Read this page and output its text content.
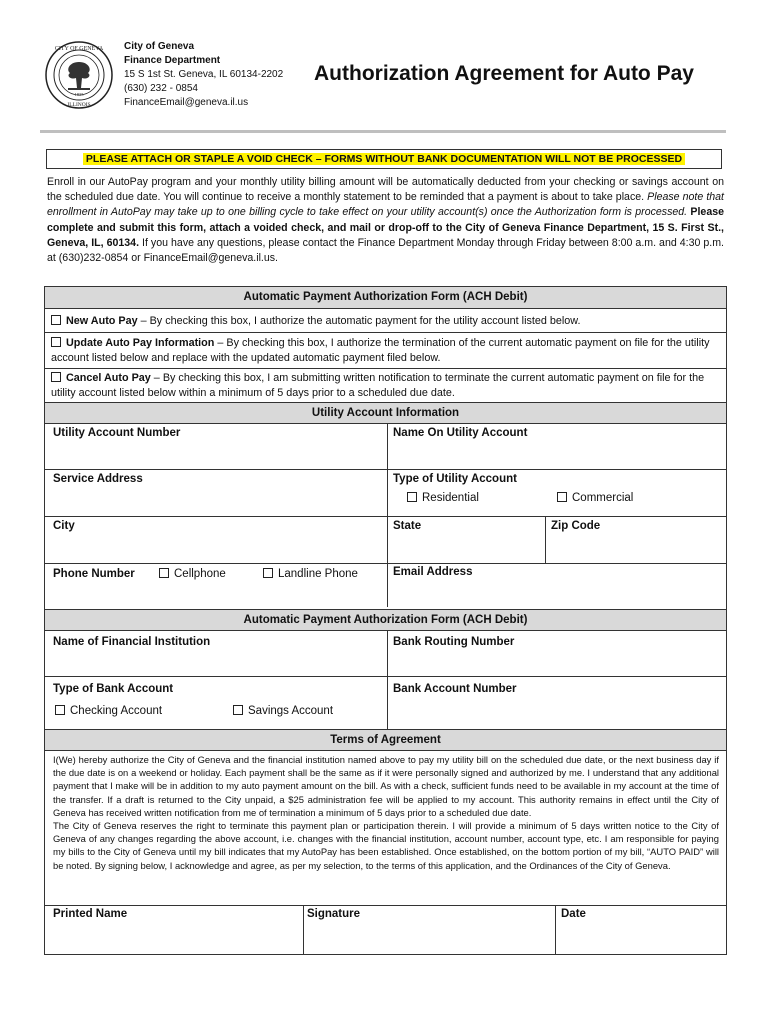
CITY OF GENEVA
ILLINOIS
1835
City of Geneva
Finance Department
15 S 1st St. Geneva, IL 60134-2202
(630) 232 - 0854
FinanceEmail@geneva.il.us
Authorization Agreement for Auto Pay
PLEASE ATTACH OR STAPLE A VOID CHECK – FORMS WITHOUT BANK DOCUMENTATION WILL NOT BE PROCESSED
Enroll in our AutoPay program and your monthly utility billing amount will be automatically deducted from your checking or savings account on the scheduled due date. You will continue to receive a monthly statement to be reminded that a payment is about to take place. Please note that enrollment in AutoPay may take up to one billing cycle to take effect on your utility account(s) once the Authorization form is processed. Please complete and submit this form, attach a voided check, and mail or drop-off to the City of Geneva Finance Department, 15 S. First St., Geneva, IL, 60134. If you have any questions, please contact the Finance Department Monday through Friday between 8:00 a.m. and 4:30 p.m. at (630)232-0854 or FinanceEmail@geneva.il.us.
Automatic Payment Authorization Form (ACH Debit)
New Auto Pay – By checking this box, I authorize the automatic payment for the utility account listed below.
Update Auto Pay Information – By checking this box, I authorize the termination of the current automatic payment on file for the utility account listed below and replace with the updated automatic payment filed below.
Cancel Auto Pay – By checking this box, I am submitting written notification to terminate the current automatic payment on file for the utility account listed below within a minimum of 5 days prior to a scheduled due date.
Utility Account Information
Utility Account Number	Name On Utility Account
Service Address	Type of Utility Account
Residential	Commercial
City	State	Zip Code
Phone Number	Cellphone	Landline Phone	Email Address
Automatic Payment Authorization Form (ACH Debit)
Name of Financial Institution	Bank Routing Number
Type of Bank Account
Checking Account	Savings Account
Bank Account Number
Terms of Agreement
I(We) hereby authorize the City of Geneva and the financial institution named above to pay my utility bill on the scheduled due date, or the next business day if the due date is on a weekend or holiday. Each payment shall be the same as if it were personally signed and authorized by me. I understand that any additional payment that I make will be in addition to my auto payment amount on the bill. As with a check, sufficient funds need to be available in my account at the time of the transfer. If a draft is returned to the City unpaid, a $25 administration fee will be applied to my account. This authority remains in effect until the City of Geneva has received written notification from me of termination a minimum of 5 days prior to a scheduled due date.
The City of Geneva reserves the right to terminate this payment plan or participation therein. I will provide a minimum of 5 days written notice to the City of Geneva of any changes regarding the above account, i.e. changes with the financial institution, account number, account type, etc. I am responsible for paying my bills to the City of Geneva until my bill indicates that my AutoPay has been established. Once established, on the bottom portion of my bill, “AUTO PAID” will be noted. By signing below, I acknowledge and agree, as per my selection, to the terms of this application, and the Ordinances of the City of Geneva.
Printed Name	Signature	Date
